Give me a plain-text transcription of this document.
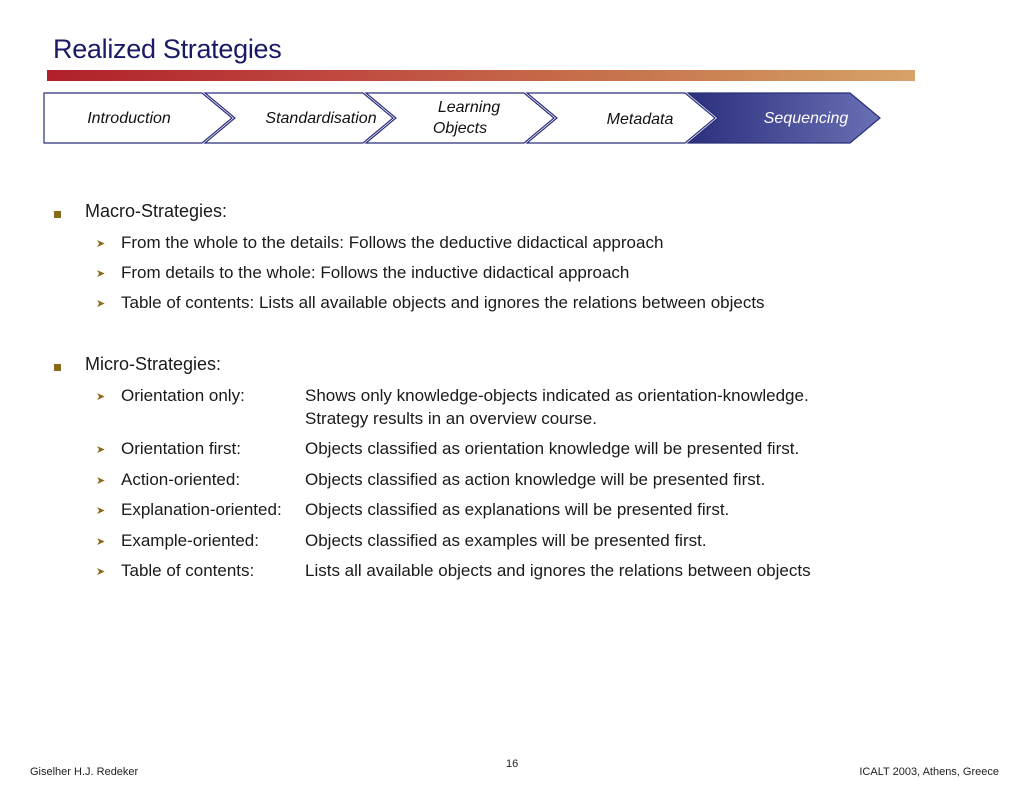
Realized Strategies
Introduction	Standardisation
Learning
Objects
Metadata	Sequencing
Macro-Strategies:
➤ From the whole to the details: Follows the deductive didactical approach
➤ From details to the whole: Follows the inductive didactical approach
➤ Table of contents: Lists all available objects and ignores the relations between objects
Micro-Strategies:
➤ Orientation only:	Shows only knowledge-objects indicated as orientation-knowledge.
Strategy results in an overview course.
➤ Orientation first:	Objects classified as orientation knowledge will be presented first.
➤ Action-oriented:	Objects classified as action knowledge will be presented first.
➤ Explanation-oriented: Objects classified as explanations will be presented first.
➤ Example-oriented:	Objects classified as examples will be presented first.
➤ Table of contents:	Lists all available objects and ignores the relations between objects
Giselher H.J. Redeker
16
ICALT 2003, Athens, Greece
